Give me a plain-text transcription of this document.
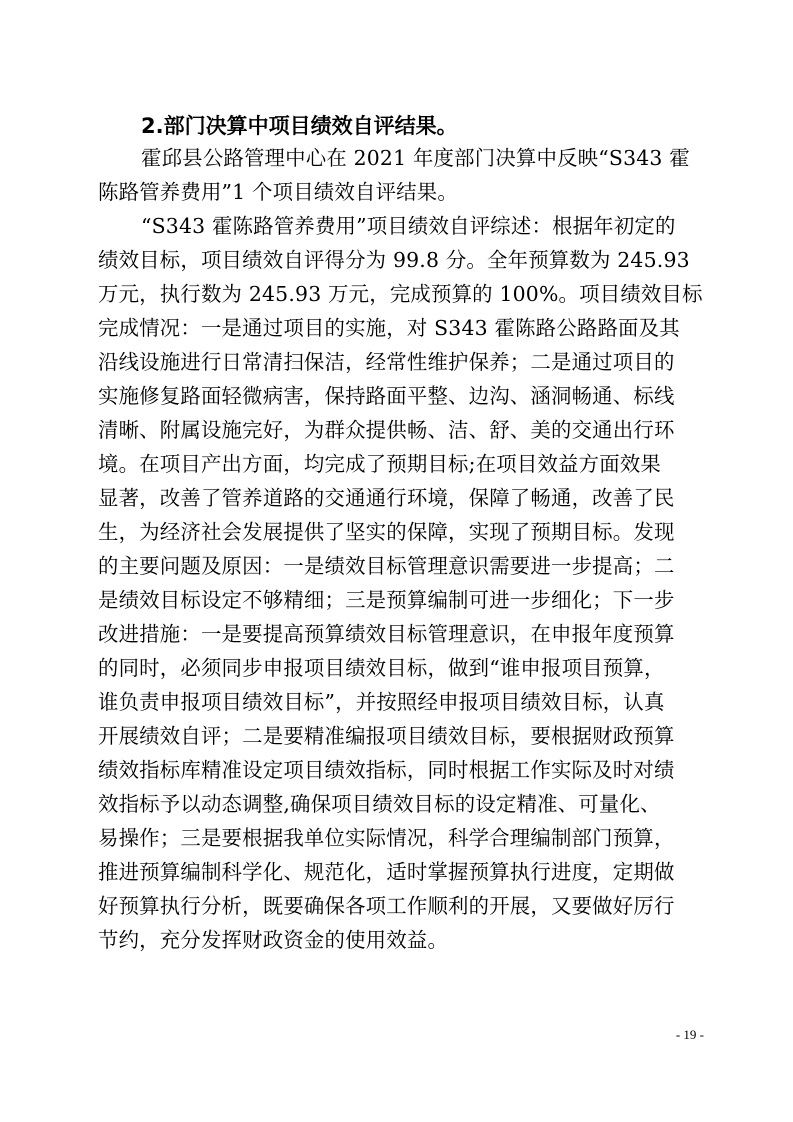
2.部门决算中项目绩效自评结果。
霍邱县公路管理中心在 2021 年度部门决算中反映“S343 霍
陈路管养费用”1 个项目绩效自评结果。
“S343 霍陈路管养费用”项目绩效自评综述：根据年初定的
绩效目标，项目绩效自评得分为 99.8 分。全年预算数为 245.93
万元，执行数为 245.93 万元，完成预算的 100%。项目绩效目标
完成情况：一是通过项目的实施，对 S343 霍陈路公路路面及其
沿线设施进行日常清扫保洁，经常性维护保养；二是通过项目的
实施修复路面轻微病害，保持路面平整、边沟、涵洞畅通、标线
清晰、附属设施完好，为群众提供畅、洁、舒、美的交通出行环
境。在项目产出方面，均完成了预期目标;在项目效益方面效果
显著，改善了管养道路的交通通行环境，保障了畅通，改善了民
生，为经济社会发展提供了坚实的保障，实现了预期目标。发现
的主要问题及原因：一是绩效目标管理意识需要进一步提高；二
是绩效目标设定不够精细；三是预算编制可进一步细化；下一步
改进措施：一是要提高预算绩效目标管理意识，在申报年度预算
的同时，必须同步申报项目绩效目标，做到“谁申报项目预算，
谁负责申报项目绩效目标”，并按照经申报项目绩效目标，认真
开展绩效自评；二是要精准编报项目绩效目标，要根据财政预算
绩效指标库精准设定项目绩效指标，同时根据工作实际及时对绩
效指标予以动态调整,确保项目绩效目标的设定精准、可量化、
易操作；三是要根据我单位实际情况，科学合理编制部门预算，
推进预算编制科学化、规范化，适时掌握预算执行进度，定期做
好预算执行分析，既要确保各项工作顺利的开展，又要做好厉行
节约，充分发挥财政资金的使用效益。
- 19 -
